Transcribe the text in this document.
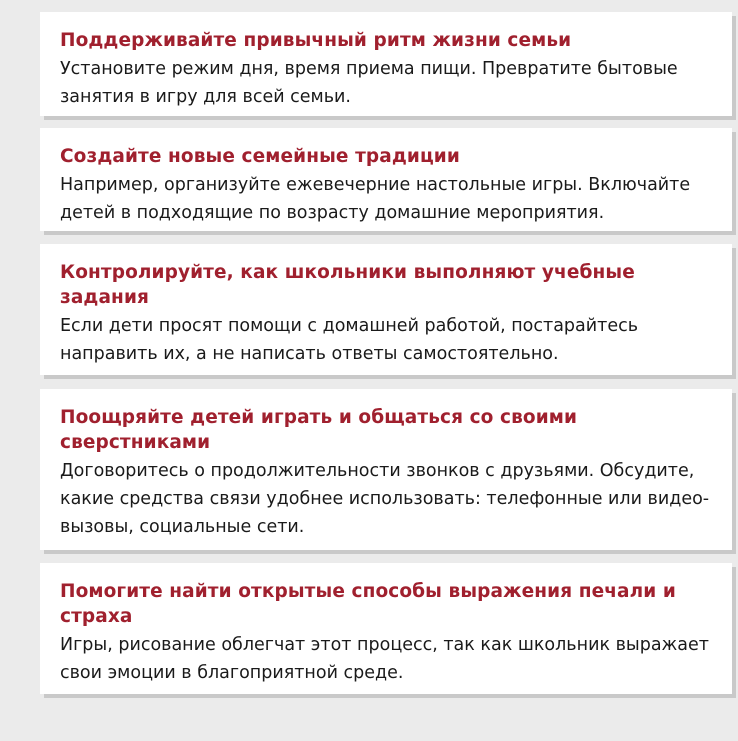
Поддерживайте привычный ритм жизни семьи

Установите режим дня, время приема пищи. Превратите бытовые занятия в игру для всей семьи.

Создайте новые семейные традиции

Например, организуйте ежевечерние настольные игры. Включайте детей в подходящие по возрасту домашние мероприятия.

Контролируйте, как школьники выполняют учебные задания

Если дети просят помощи с домашней работой, постарайтесь направить их, а не написать ответы самостоятельно.

Поощряйте детей играть и общаться со своими сверстниками

Договоритесь о продолжительности звонков с друзьями. Обсудите, какие средства связи удобнее использовать: телефонные или видео-вызовы, социальные сети.

Помогите найти открытые способы выражения печали и страха

Игры, рисование облегчат этот процесс, так как школьник выражает свои эмоции в благоприятной среде.
